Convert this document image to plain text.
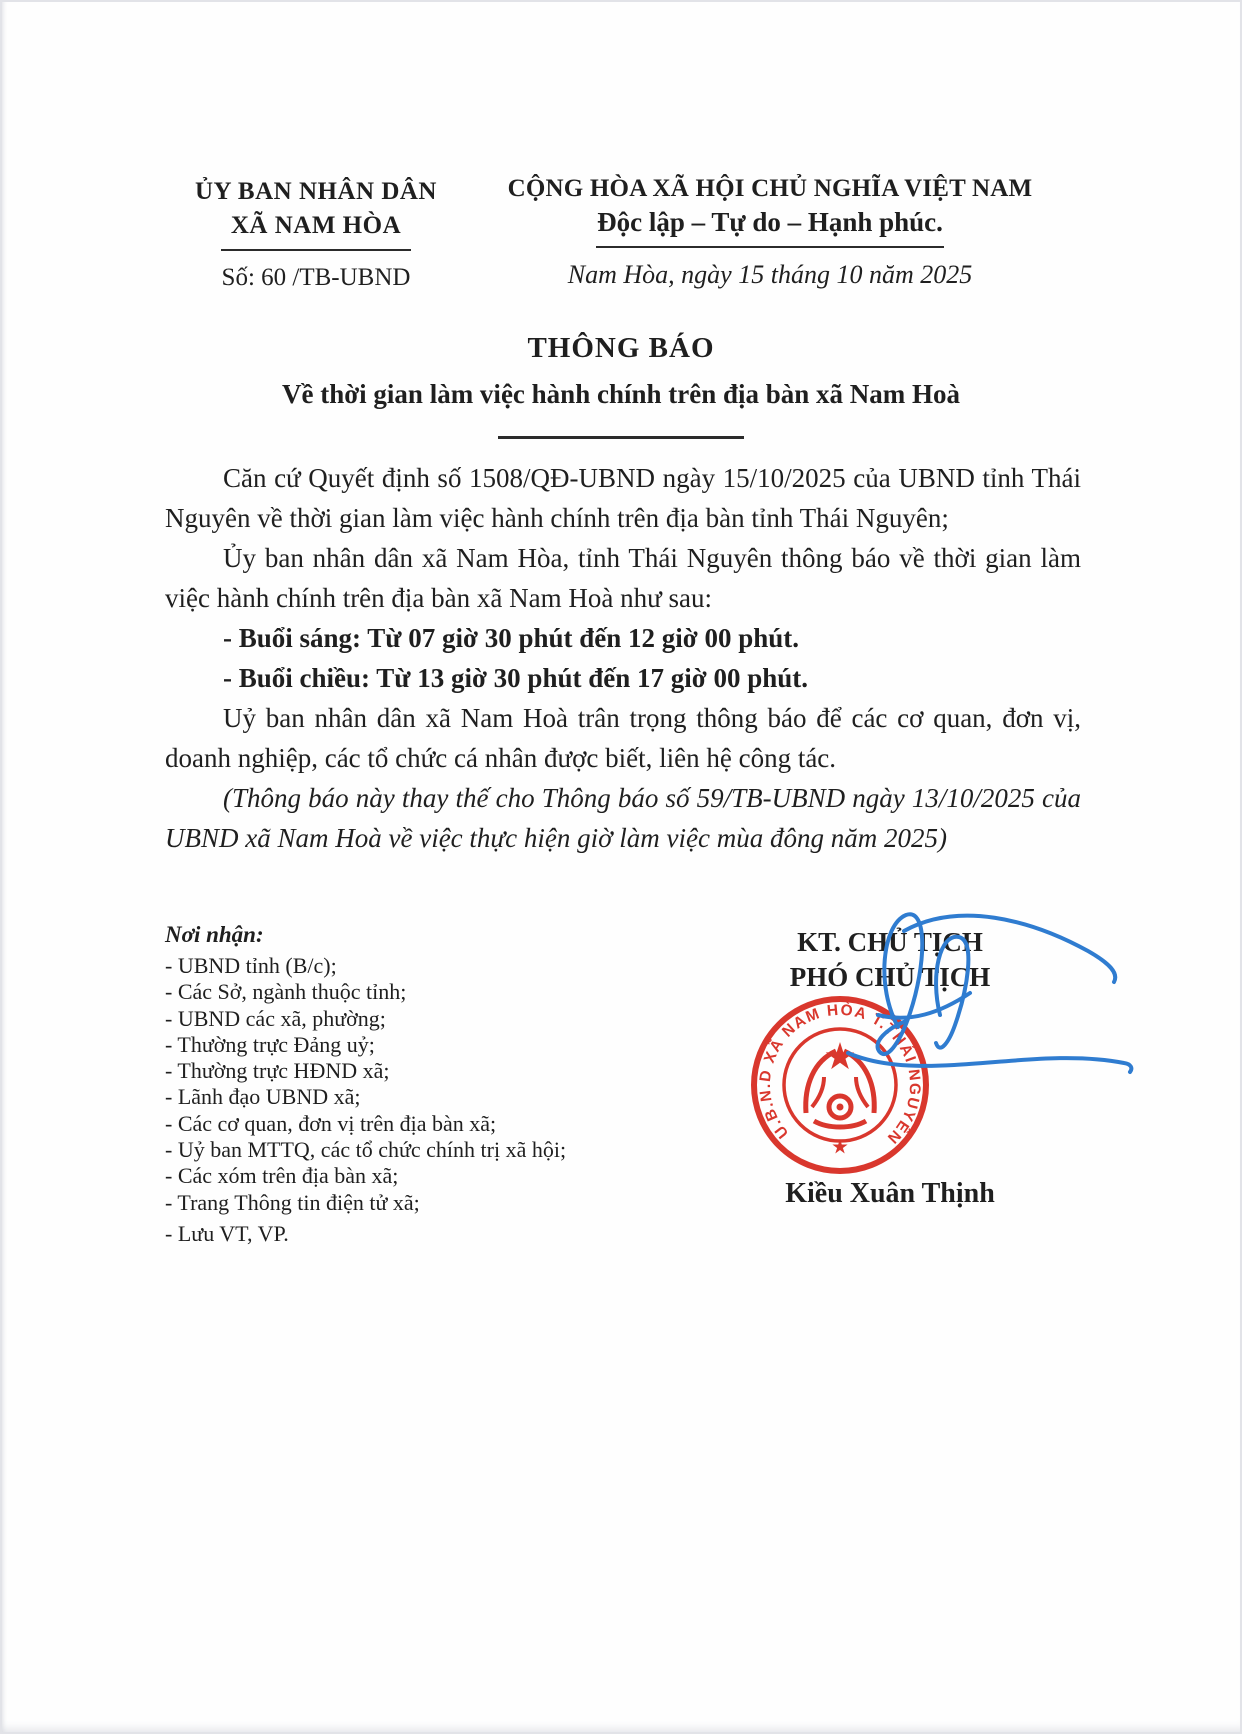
ỦY BAN NHÂN DÂN
XÃ NAM HÒA
Số: 60 /TB-UBND
CỘNG HÒA XÃ HỘI CHỦ NGHĨA VIỆT NAM
Độc lập – Tự do – Hạnh phúc.
Nam Hòa, ngày 15 tháng 10 năm 2025
THÔNG BÁO
Về thời gian làm việc hành chính trên địa bàn xã Nam Hoà

Căn cứ Quyết định số 1508/QĐ-UBND ngày 15/10/2025 của UBND tỉnh Thái Nguyên về thời gian làm việc hành chính trên địa bàn tỉnh Thái Nguyên;

Ủy ban nhân dân xã Nam Hòa, tỉnh Thái Nguyên thông báo về thời gian làm việc hành chính trên địa bàn xã Nam Hoà như sau:

- Buổi sáng: Từ 07 giờ 30 phút đến 12 giờ 00 phút.

- Buổi chiều: Từ 13 giờ 30 phút đến 17 giờ 00 phút.

Uỷ ban nhân dân xã Nam Hoà trân trọng thông báo để các cơ quan, đơn vị, doanh nghiệp, các tổ chức cá nhân được biết, liên hệ công tác.

(Thông báo này thay thế cho Thông báo số 59/TB-UBND ngày 13/10/2025 của UBND xã Nam Hoà về việc thực hiện giờ làm việc mùa đông năm 2025)

Nơi nhận:
- UBND tỉnh (B/c);
- Các Sở, ngành thuộc tỉnh;
- UBND các xã, phường;
- Thường trực Đảng uỷ;
- Thường trực HĐND xã;
- Lãnh đạo UBND xã;
- Các cơ quan, đơn vị trên địa bàn xã;
- Uỷ ban MTTQ, các tổ chức chính trị xã hội;
- Các xóm trên địa bàn xã;
- Trang Thông tin điện tử xã;
- Lưu VT, VP.
KT. CHỦ TỊCH
PHÓ CHỦ TỊCH
U.B.N.D XÃ NAM HÒA T.THÁI NGUYÊN
Kiều Xuân Thịnh
